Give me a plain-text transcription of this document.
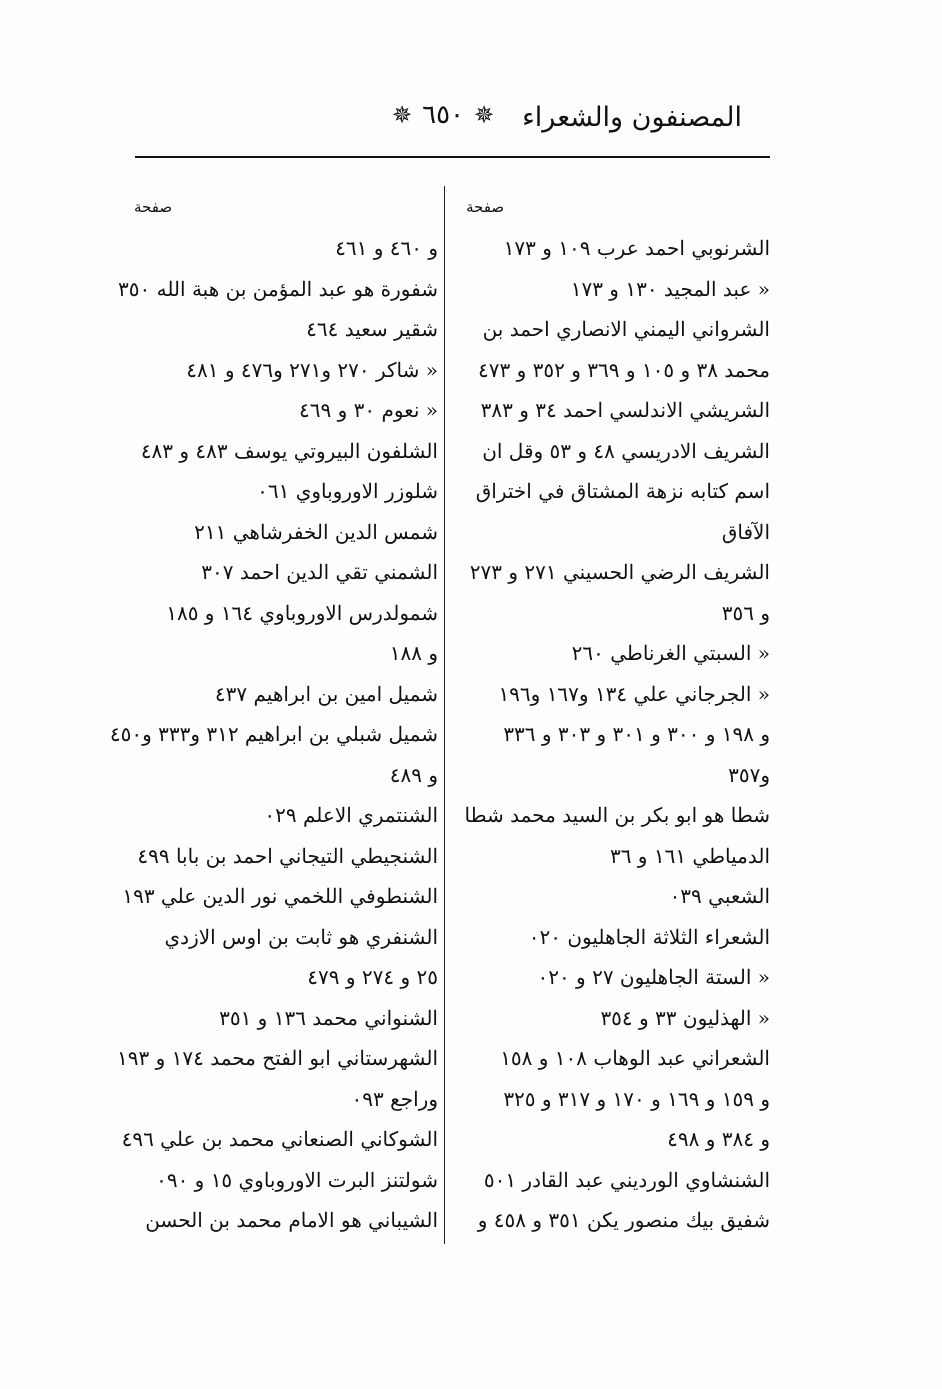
المصنفون والشعراء
✵ ٦٥٠ ✵
صفحة
الشرنوبي احمد عرب ١٠٩ و ١٧٣
« عبد المجيد ١٣٠ و ١٧٣
الشرواني اليمني الانصاري احمد بن
محمد ٣٨ و ١٠٥ و ٣٦٩ و ٣٥٢ و ٤٧٣
الشريشي الاندلسي احمد ٣٤ و ٣٨٣
الشريف الادريسي ٤٨ و ٥٣ وقل ان
اسم كتابه نزهة المشتاق في اختراق
الآفاق
الشريف الرضي الحسيني ٢٧١ و ٢٧٣
و ٣٥٦
« السبتي الغرناطي ٢٦٠
« الجرجاني علي ١٣٤ و١٦٧ و١٩٦
و ١٩٨ و ٣٠٠ و ٣٠١ و ٣٠٣ و ٣٣٦
و٣٥٧
شطا هو ابو بكر بن السيد محمد شطا
الدمياطي ١٦١ و ٣٦
الشعبي ٠٣٩
الشعراء الثلاثة الجاهليون ٠٢٠
« الستة الجاهليون ٢٧ و ٠٢٠
« الهذليون ٣٣ و ٣٥٤
الشعراني عبد الوهاب ١٠٨ و ١٥٨
و ١٥٩ و ١٦٩ و ١٧٠ و ٣١٧ و ٣٢٥
و ٣٨٤ و ٤٩٨
الشنشاوي الورديني عبد القادر ٥٠١
شفيق بيك منصور يكن ٣٥١ و ٤٥٨ و
صفحة
و ٤٦٠ و ٤٦١
شفورة هو عبد المؤمن بن هبة الله ٣٥٠
شقير سعيد ٤٦٤
« شاكر ٢٧٠ و٢٧١ و٤٧٦ و ٤٨١
« نعوم ٣٠ و ٤٦٩
الشلفون البيروتي يوسف ٤٨٣ و ٤٨٣
شلوزر الاوروباوي ٠٦١
شمس الدين الخفرشاهي ٢١١
الشمني تقي الدين احمد ٣٠٧
شمولدرس الاوروباوي ١٦٤ و ١٨٥
و ١٨٨
شميل امين بن ابراهيم ٤٣٧
شميل شبلي بن ابراهيم ٣١٢ و٣٣٣ و٤٥٠
و ٤٨٩
الشنتمري الاعلم ٠٢٩
الشنجيطي التيجاني احمد بن بابا ٤٩٩
الشنطوفي اللخمي نور الدين علي ١٩٣
الشنفري هو ثابت بن اوس الازدي
٢٥ و ٢٧٤ و ٤٧٩
الشنواني محمد ١٣٦ و ٣٥١
الشهرستاني ابو الفتح محمد ١٧٤ و ١٩٣
وراجع ٠٩٣
الشوكاني الصنعاني محمد بن علي ٤٩٦
شولتنز البرت الاوروباوي ١٥ و ٠٩٠
الشيباني هو الامام محمد بن الحسن
